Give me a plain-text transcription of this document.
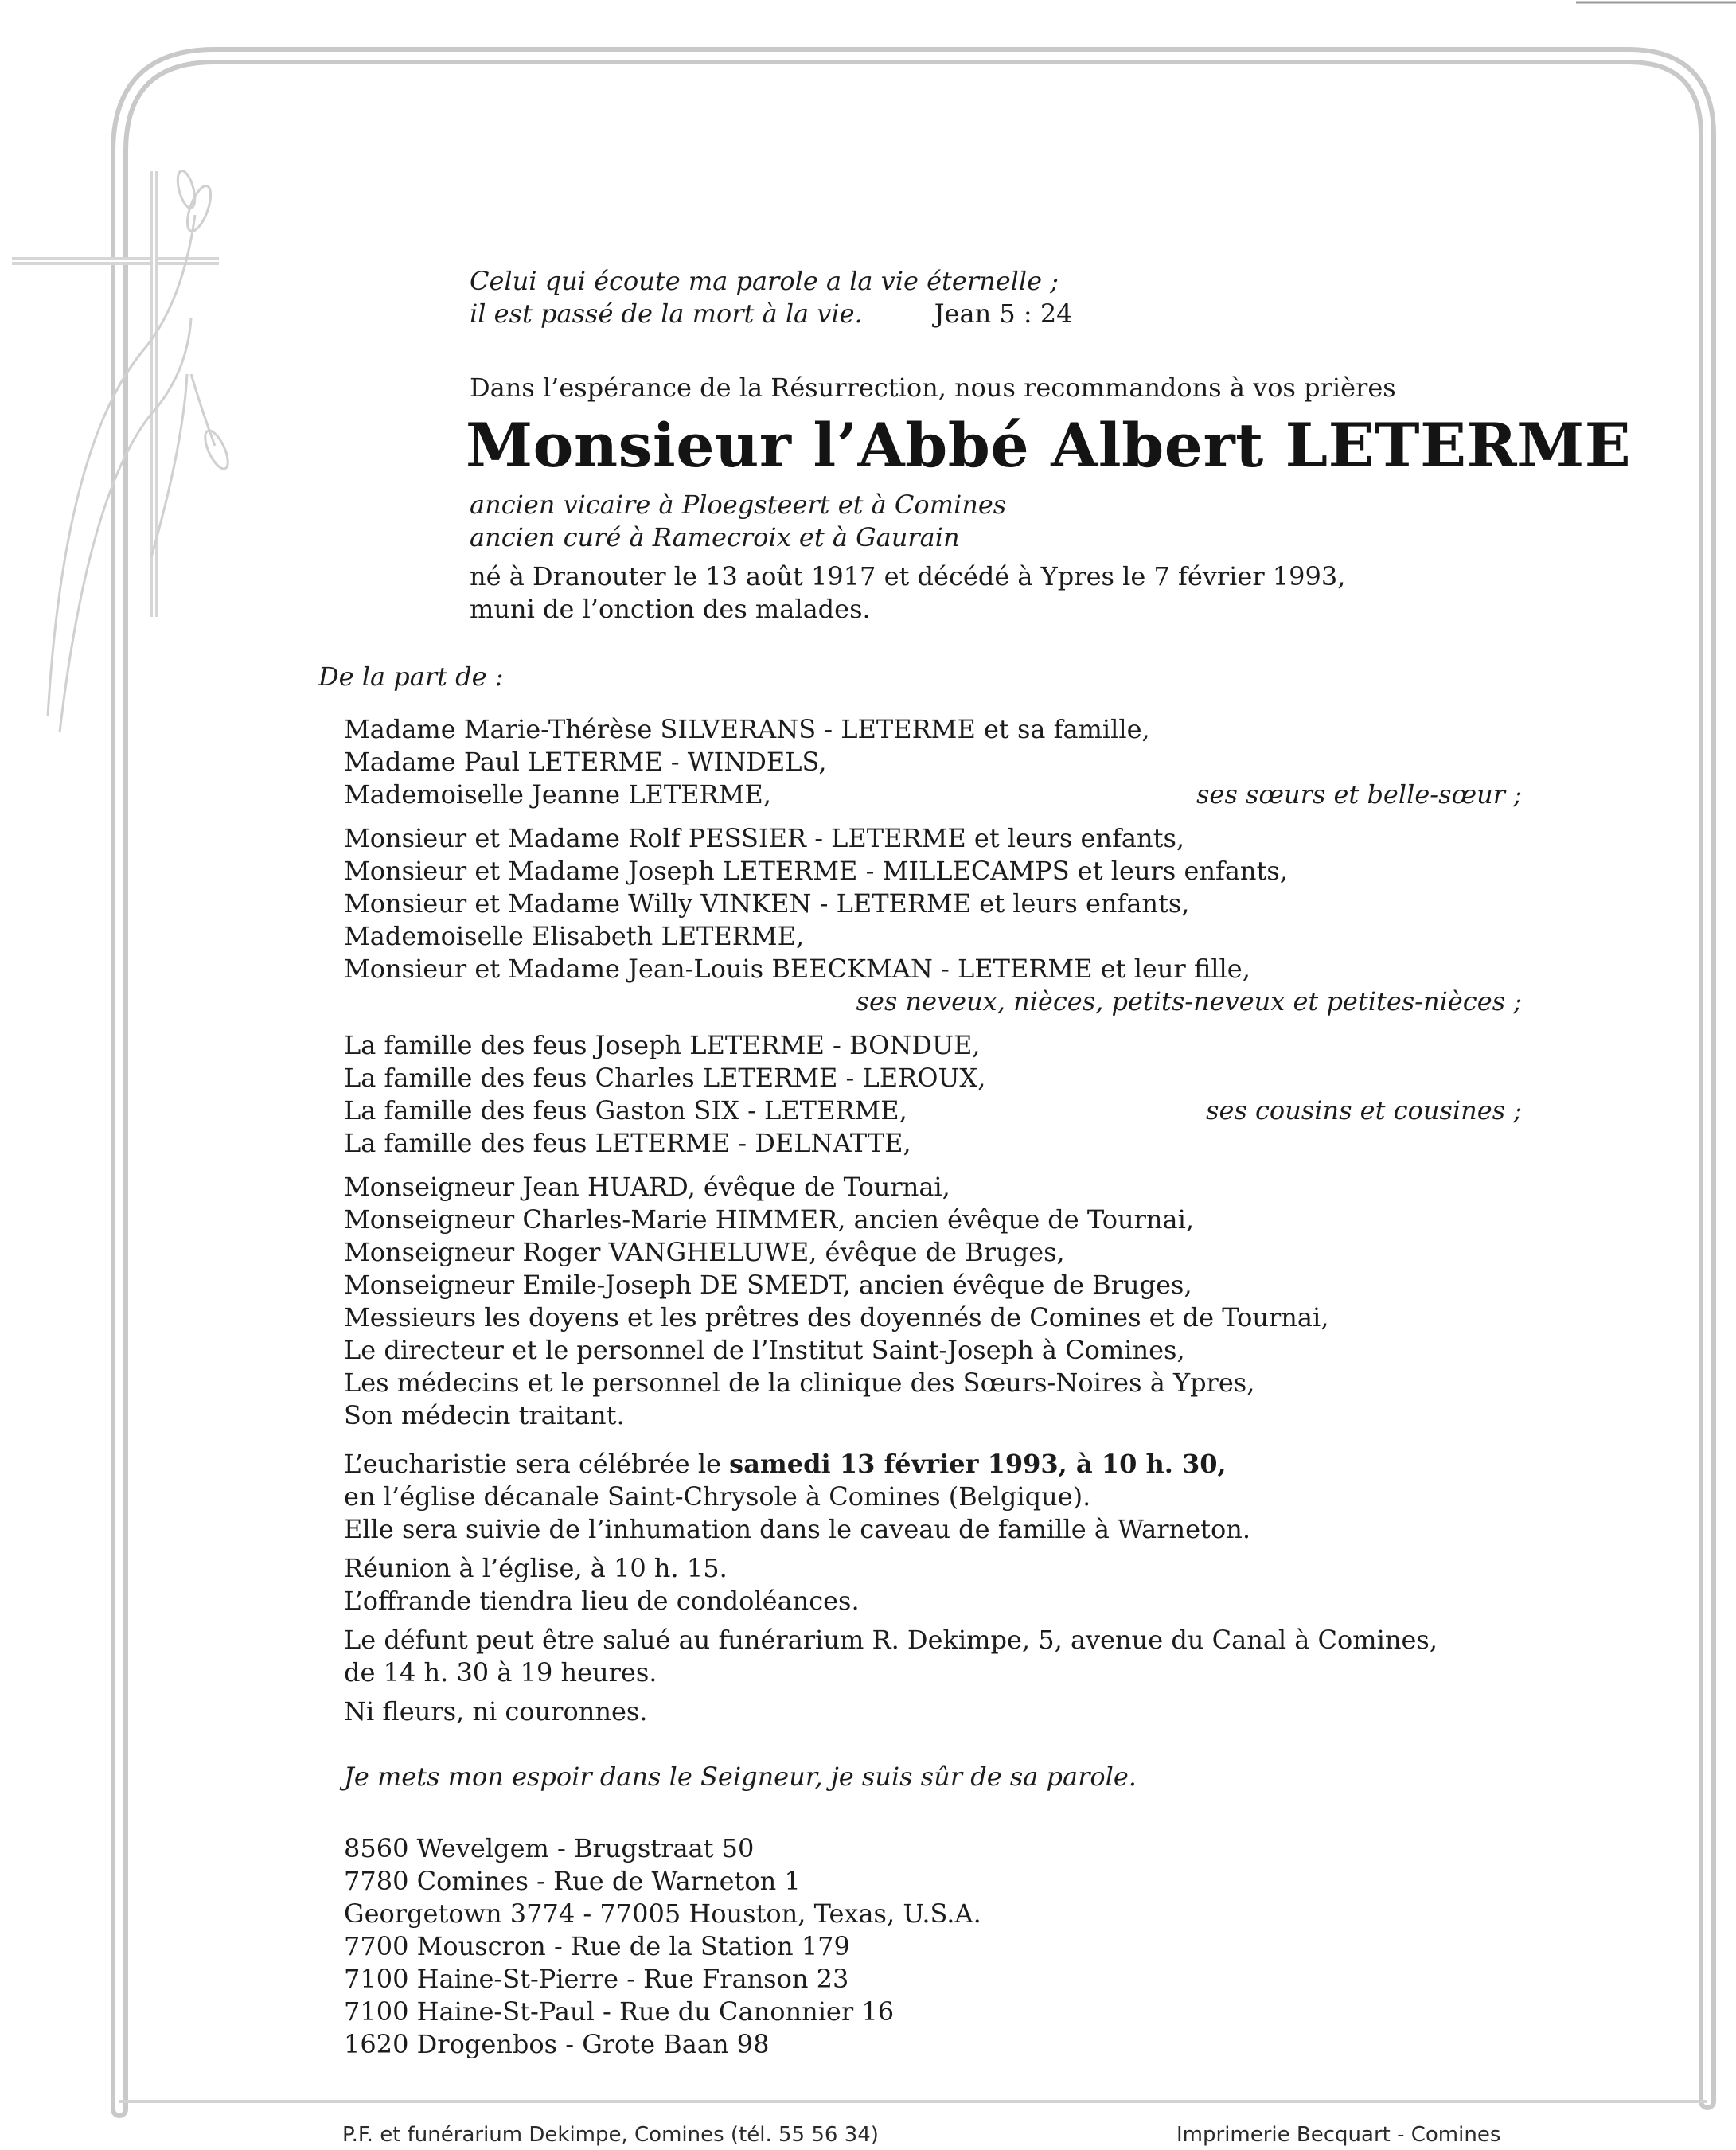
Celui qui écoute ma parole a la vie éternelle ;
il est passé de la mort à la vie.	Jean 5 : 24
Dans l’espérance de la Résurrection, nous recommandons à vos prières
Monsieur l’Abbé Albert LETERME
ancien vicaire à Ploegsteert et à Comines
ancien curé à Ramecroix et à Gaurain
né à Dranouter le 13 août 1917 et décédé à Ypres le 7 février 1993,
muni de l’onction des malades.
De la part de :
Madame Marie-Thérèse SILVERANS - LETERME et sa famille,
Madame Paul LETERME - WINDELS,
Mademoiselle Jeanne LETERME,	ses sœurs et belle-sœur ;
Monsieur et Madame Rolf PESSIER - LETERME et leurs enfants,
Monsieur et Madame Joseph LETERME - MILLECAMPS et leurs enfants,
Monsieur et Madame Willy VINKEN - LETERME et leurs enfants,
Mademoiselle Elisabeth LETERME,
Monsieur et Madame Jean-Louis BEECKMAN - LETERME et leur fille,
ses neveux, nièces, petits-neveux et petites-nièces ;
La famille des feus Joseph LETERME - BONDUE,
La famille des feus Charles LETERME - LEROUX,
La famille des feus Gaston SIX - LETERME,	ses cousins et cousines ;
La famille des feus LETERME - DELNATTE,
Monseigneur Jean HUARD, évêque de Tournai,
Monseigneur Charles-Marie HIMMER, ancien évêque de Tournai,
Monseigneur Roger VANGHELUWE, évêque de Bruges,
Monseigneur Emile-Joseph DE SMEDT, ancien évêque de Bruges,
Messieurs les doyens et les prêtres des doyennés de Comines et de Tournai,
Le directeur et le personnel de l’Institut Saint-Joseph à Comines,
Les médecins et le personnel de la clinique des Sœurs-Noires à Ypres,
Son médecin traitant.
L’eucharistie sera célébrée le samedi 13 février 1993, à 10 h. 30,
en l’église décanale Saint-Chrysole à Comines (Belgique).
Elle sera suivie de l’inhumation dans le caveau de famille à Warneton.
Réunion à l’église, à 10 h. 15.
L’offrande tiendra lieu de condoléances.
Le défunt peut être salué au funérarium R. Dekimpe, 5, avenue du Canal à Comines,
de 14 h. 30 à 19 heures.
Ni fleurs, ni couronnes.
Je mets mon espoir dans le Seigneur, je suis sûr de sa parole.
8560 Wevelgem - Brugstraat 50
7780 Comines - Rue de Warneton 1
Georgetown 3774 - 77005 Houston, Texas, U.S.A.
7700 Mouscron - Rue de la Station 179
7100 Haine-St-Pierre - Rue Franson 23
7100 Haine-St-Paul - Rue du Canonnier 16
1620 Drogenbos - Grote Baan 98
P.F. et funérarium Dekimpe, Comines (tél. 55 56 34)	Imprimerie Becquart - Comines
